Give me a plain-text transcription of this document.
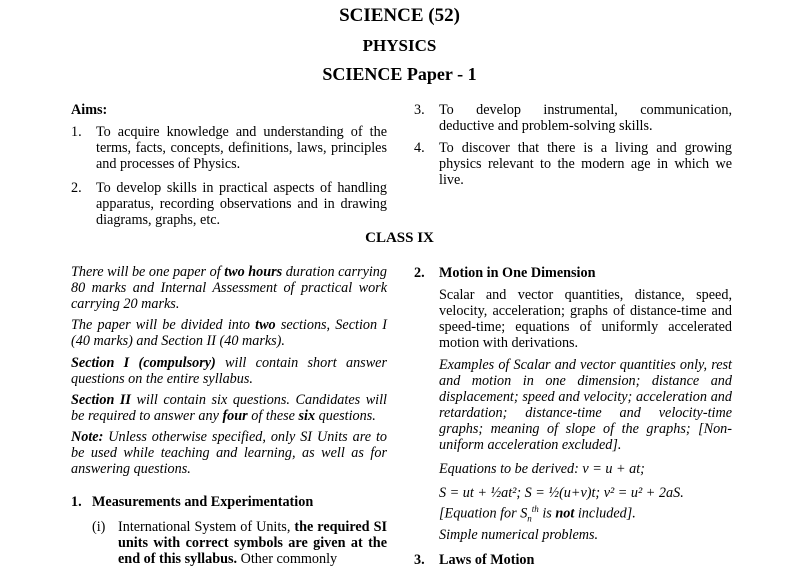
SCIENCE (52)
PHYSICS
SCIENCE Paper - 1
Aims:
1. To acquire knowledge and understanding of the terms, facts, concepts, definitions, laws, principles and processes of Physics.
2. To develop skills in practical aspects of handling apparatus, recording observations and in drawing diagrams, graphs, etc.
3. To develop instrumental, communication, deductive and problem-solving skills.
4. To discover that there is a living and growing physics relevant to the modern age in which we live.
CLASS IX
There will be one paper of two hours duration carrying 80 marks and Internal Assessment of practical work carrying 20 marks.
The paper will be divided into two sections, Section I (40 marks) and Section II (40 marks).
Section I (compulsory) will contain short answer questions on the entire syllabus.
Section II will contain six questions. Candidates will be required to answer any four of these six questions.
Note: Unless otherwise specified, only SI Units are to be used while teaching and learning, as well as for answering questions.
1. Measurements and Experimentation
(i) International System of Units, the required SI units with correct symbols are given at the end of this syllabus. Other commonly
2. Motion in One Dimension
Scalar and vector quantities, distance, speed, velocity, acceleration; graphs of distance-time and speed-time; equations of uniformly accelerated motion with derivations.
Examples of Scalar and vector quantities only, rest and motion in one dimension; distance and displacement; speed and velocity; acceleration and retardation; distance-time and velocity-time graphs; meaning of slope of the graphs; [Non-uniform acceleration excluded].
Equations to be derived: v = u + at;
S = ut + ½at²; S = ½(u+v)t; v² = u² + 2aS.
[Equation for $S_n^{th}$ is not included].
Simple numerical problems.
3. Laws of Motion
